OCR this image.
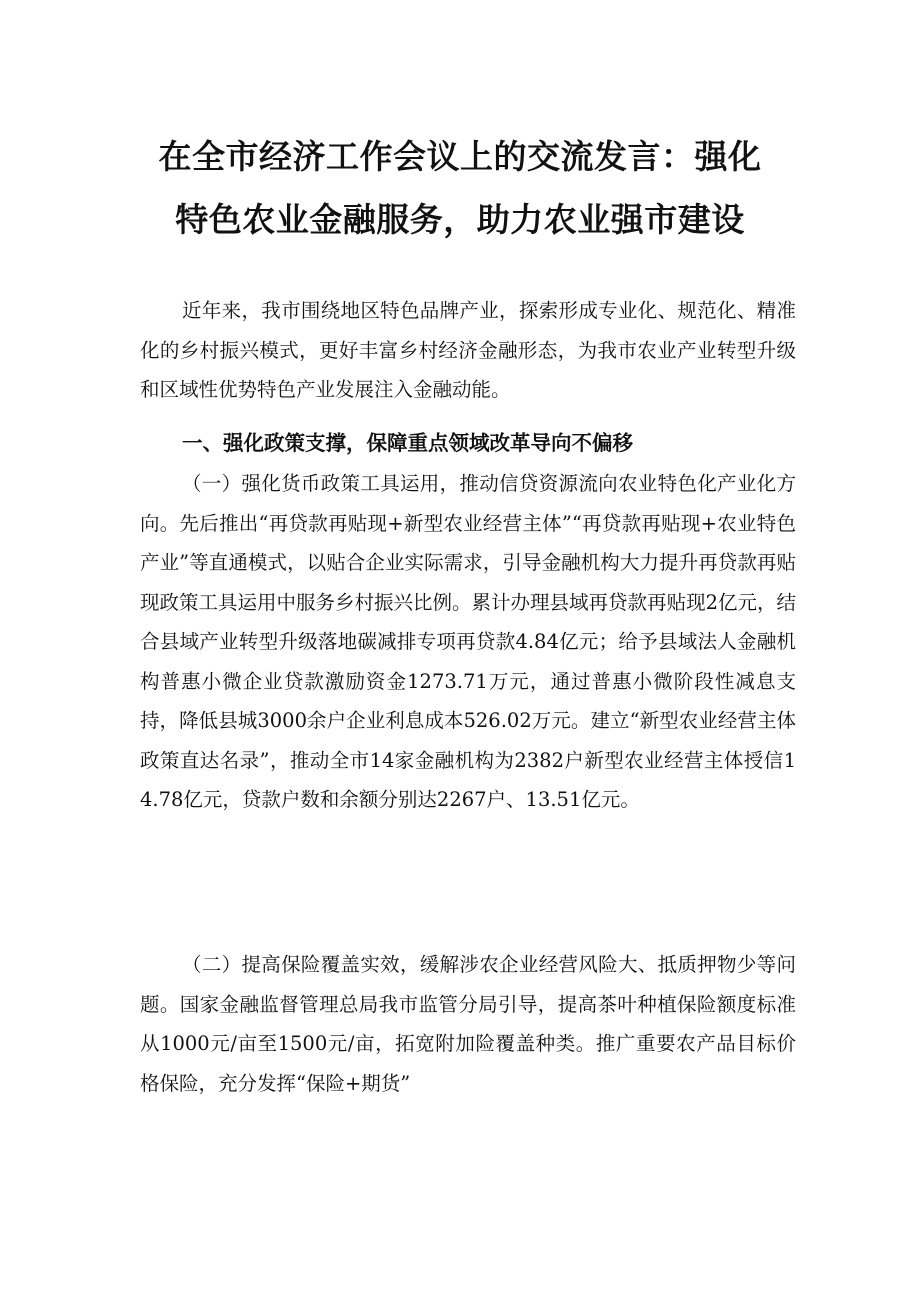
在全市经济工作会议上的交流发言：强化
特色农业金融服务，助力农业强市建设

近年来，我市围绕地区特色品牌产业，探索形成专业化、规范化、精准化的乡村振兴模式，更好丰富乡村经济金融形态，为我市农业产业转型升级和区域性优势特色产业发展注入金融动能。

一、强化政策支撑，保障重点领域改革导向不偏移

（一）强化货币政策工具运用，推动信贷资源流向农业特色化产业化方向。先后推出“再贷款再贴现+新型农业经营主体”“再贷款再贴现+农业特色产业”等直通模式，以贴合企业实际需求，引导金融机构大力提升再贷款再贴现政策工具运用中服务乡村振兴比例。累计办理县域再贷款再贴现2亿元，结合县域产业转型升级落地碳减排专项再贷款4.84亿元；给予县域法人金融机构普惠小微企业贷款激励资金1273.71万元，通过普惠小微阶段性减息支持，降低县城3000余户企业利息成本526.02万元。建立“新型农业经营主体政策直达名录”，推动全市14家金融机构为2382户新型农业经营主体授信14.78亿元，贷款户数和余额分别达2267户、13.51亿元。

（二）提高保险覆盖实效，缓解涉农企业经营风险大、抵质押物少等问题。国家金融监督管理总局我市监管分局引导，提高茶叶种植保险额度标准从1000元/亩至1500元/亩，拓宽附加险覆盖种类。推广重要农产品目标价格保险，充分发挥“保险+期货”
